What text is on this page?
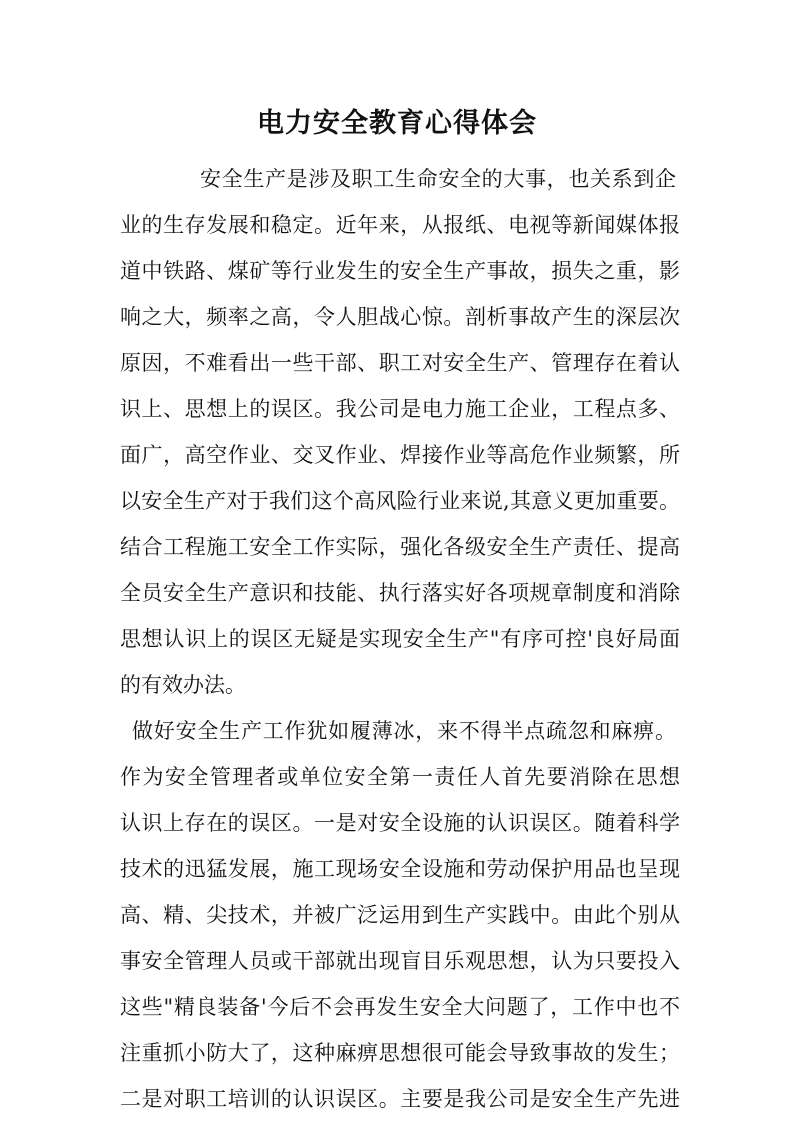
电力安全教育心得体会
安全生产是涉及职工生命安全的大事，也关系到企
业的生存发展和稳定。近年来，从报纸、电视等新闻媒体报
道中铁路、煤矿等行业发生的安全生产事故，损失之重，影
响之大，频率之高，令人胆战心惊。剖析事故产生的深层次
原因，不难看出一些干部、职工对安全生产、管理存在着认
识上、思想上的误区。我公司是电力施工企业，工程点多、
面广，高空作业、交叉作业、焊接作业等高危作业频繁，所
以安全生产对于我们这个高风险行业来说,其意义更加重要。
结合工程施工安全工作实际，强化各级安全生产责任、提高
全员安全生产意识和技能、执行落实好各项规章制度和消除
思想认识上的误区无疑是实现安全生产"有序可控'良好局面
的有效办法。
做好安全生产工作犹如履薄冰，来不得半点疏忽和麻痹。
作为安全管理者或单位安全第一责任人首先要消除在思想
认识上存在的误区。一是对安全设施的认识误区。随着科学
技术的迅猛发展，施工现场安全设施和劳动保护用品也呈现
高、精、尖技术，并被广泛运用到生产实践中。由此个别从
事安全管理人员或干部就出现盲目乐观思想，认为只要投入
这些"精良装备'今后不会再发生安全大问题了，工作中也不
注重抓小防大了，这种麻痹思想很可能会导致事故的发生；
二是对职工培训的认识误区。主要是我公司是安全生产先进
